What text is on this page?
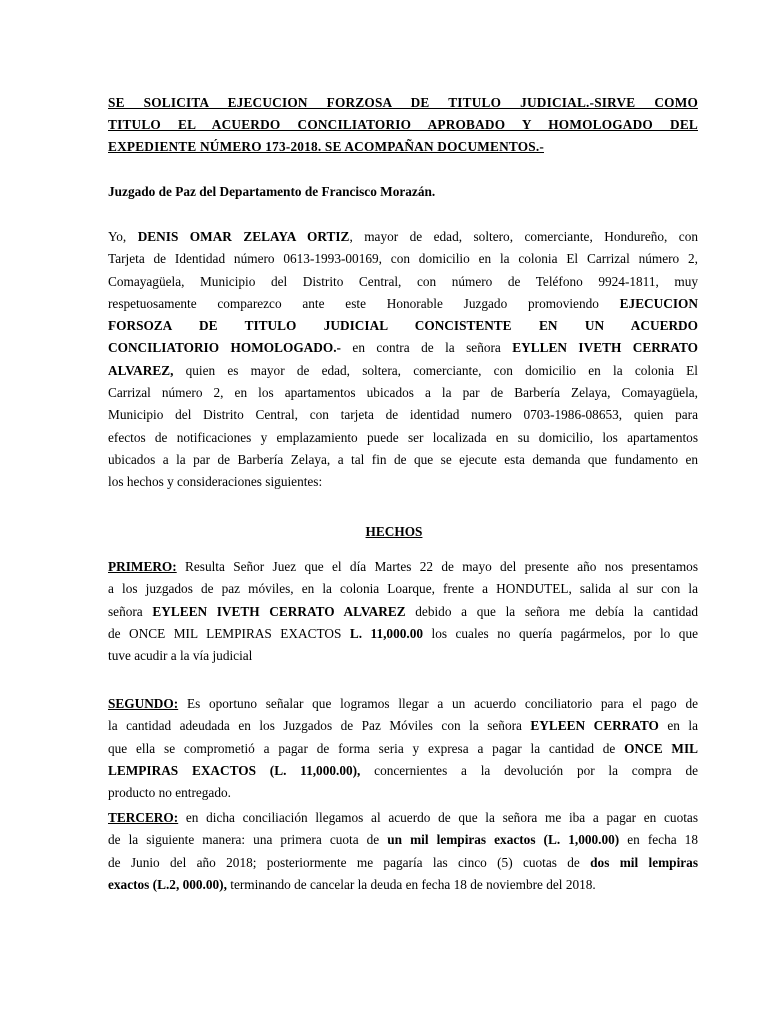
SE SOLICITA EJECUCION FORZOSA DE TITULO JUDICIAL.-SIRVE COMO
TITULO EL ACUERDO CONCILIATORIO APROBADO Y HOMOLOGADO DEL
EXPEDIENTE NÚMERO 173-2018. SE ACOMPAÑAN DOCUMENTOS.-

Juzgado de Paz del Departamento de Francisco Morazán.

Yo, DENIS OMAR ZELAYA ORTIZ, mayor de edad, soltero, comerciante, Hondureño, con
Tarjeta de Identidad número 0613-1993-00169, con domicilio en la colonia El Carrizal número 2,
Comayagüela, Municipio del Distrito Central, con número de Teléfono 9924-1811, muy
respetuosamente comparezco ante este Honorable Juzgado promoviendo EJECUCION
FORSOZA DE TITULO JUDICIAL CONCISTENTE EN UN ACUERDO
CONCILIATORIO HOMOLOGADO.- en contra de la señora EYLLEN IVETH CERRATO
ALVAREZ, quien es mayor de edad, soltera, comerciante, con domicilio en la colonia El
Carrizal número 2, en los apartamentos ubicados a la par de Barbería Zelaya, Comayagüela,
Municipio del Distrito Central, con tarjeta de identidad numero 0703-1986-08653, quien para
efectos de notificaciones y emplazamiento puede ser localizada en su domicilio, los apartamentos
ubicados a la par de Barbería Zelaya, a tal fin de que se ejecute esta demanda que fundamento en
los hechos y consideraciones siguientes:

HECHOS

PRIMERO: Resulta Señor Juez que el día Martes 22 de mayo del presente año nos presentamos
a los juzgados de paz móviles, en la colonia Loarque, frente a HONDUTEL, salida al sur con la
señora EYLEEN IVETH CERRATO ALVAREZ debido a que la señora me debía la cantidad
de ONCE MIL LEMPIRAS EXACTOS L. 11,000.00 los cuales no quería pagármelos, por lo que
tuve acudir a la vía judicial
SEGUNDO: Es oportuno señalar que logramos llegar a un acuerdo conciliatorio para el pago de
la cantidad adeudada en los Juzgados de Paz Móviles con la señora EYLEEN CERRATO en la
que ella se comprometió a pagar de forma seria y expresa a pagar la cantidad de ONCE MIL
LEMPIRAS EXACTOS (L. 11,000.00), concernientes a la devolución por la compra de
producto no entregado.
TERCERO: en dicha conciliación llegamos al acuerdo de que la señora me iba a pagar en cuotas
de la siguiente manera: una primera cuota de un mil lempiras exactos (L. 1,000.00) en fecha 18
de Junio del año 2018; posteriormente me pagaría las cinco (5) cuotas de dos mil lempiras
exactos (L.2, 000.00), terminando de cancelar la deuda en fecha 18 de noviembre del 2018.
